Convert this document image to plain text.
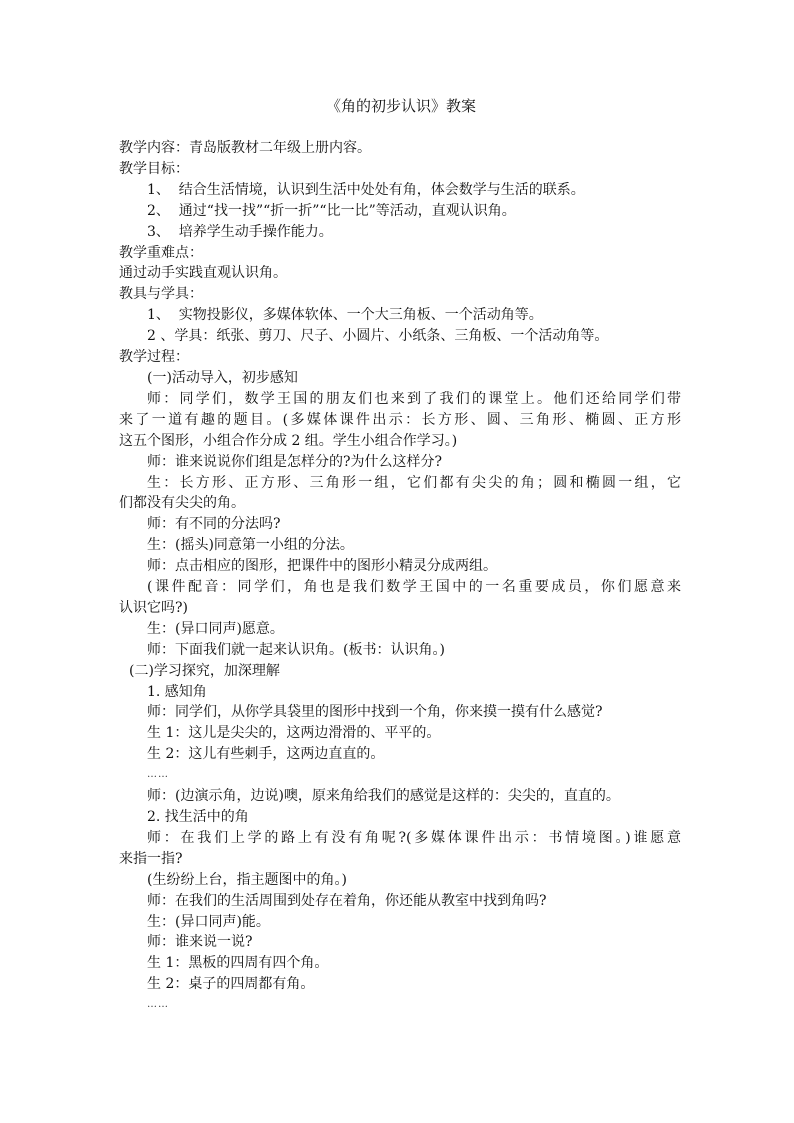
《角的初步认识》教案
教学内容：青岛版教材二年级上册内容。
教学目标：
1、  结合生活情境，认识到生活中处处有角，体会数学与生活的联系。
2、  通过“找一找”“折一折”“比一比”等活动，直观认识角。
3、  培养学生动手操作能力。
教学重难点：
通过动手实践直观认识角。
教具与学具：
1、  实物投影仪，多媒体软体、一个大三角板、一个活动角等。
2 、学具：纸张、剪刀、尺子、小圆片、小纸条、三角板、一个活动角等。
教学过程：
(一)活动导入，初步感知
师：同学们，数学王国的朋友们也来到了我们的课堂上。他们还给同学们带
来了一道有趣的题目。(多媒体课件出示：长方形、圆、三角形、椭圆、正方形
这五个图形，小组合作分成 2 组。学生小组合作学习。)
师：谁来说说你们组是怎样分的?为什么这样分?
生：长方形、正方形、三角形一组，它们都有尖尖的角；圆和椭圆一组，它
们都没有尖尖的角。
师：有不同的分法吗?
生：(摇头)同意第一小组的分法。
师：点击相应的图形，把课件中的图形小精灵分成两组。
(课件配音：同学们，角也是我们数学王国中的一名重要成员，你们愿意来
认识它吗?)
生：(异口同声)愿意。
师：下面我们就一起来认识角。(板书：认识角。)
(二)学习探究，加深理解
1. 感知角
师：同学们，从你学具袋里的图形中找到一个角，你来摸一摸有什么感觉?
生 1：这儿是尖尖的，这两边滑滑的、平平的。
生 2：这儿有些刺手，这两边直直的。
……
师：(边演示角，边说)噢，原来角给我们的感觉是这样的：尖尖的，直直的。
2. 找生活中的角
师：在我们上学的路上有没有角呢?(多媒体课件出示：书情境图。)谁愿意
来指一指?
(生纷纷上台，指主题图中的角。)
师：在我们的生活周围到处存在着角，你还能从教室中找到角吗?
生：(异口同声)能。
师：谁来说一说?
生 1：黑板的四周有四个角。
生 2：桌子的四周都有角。
……
